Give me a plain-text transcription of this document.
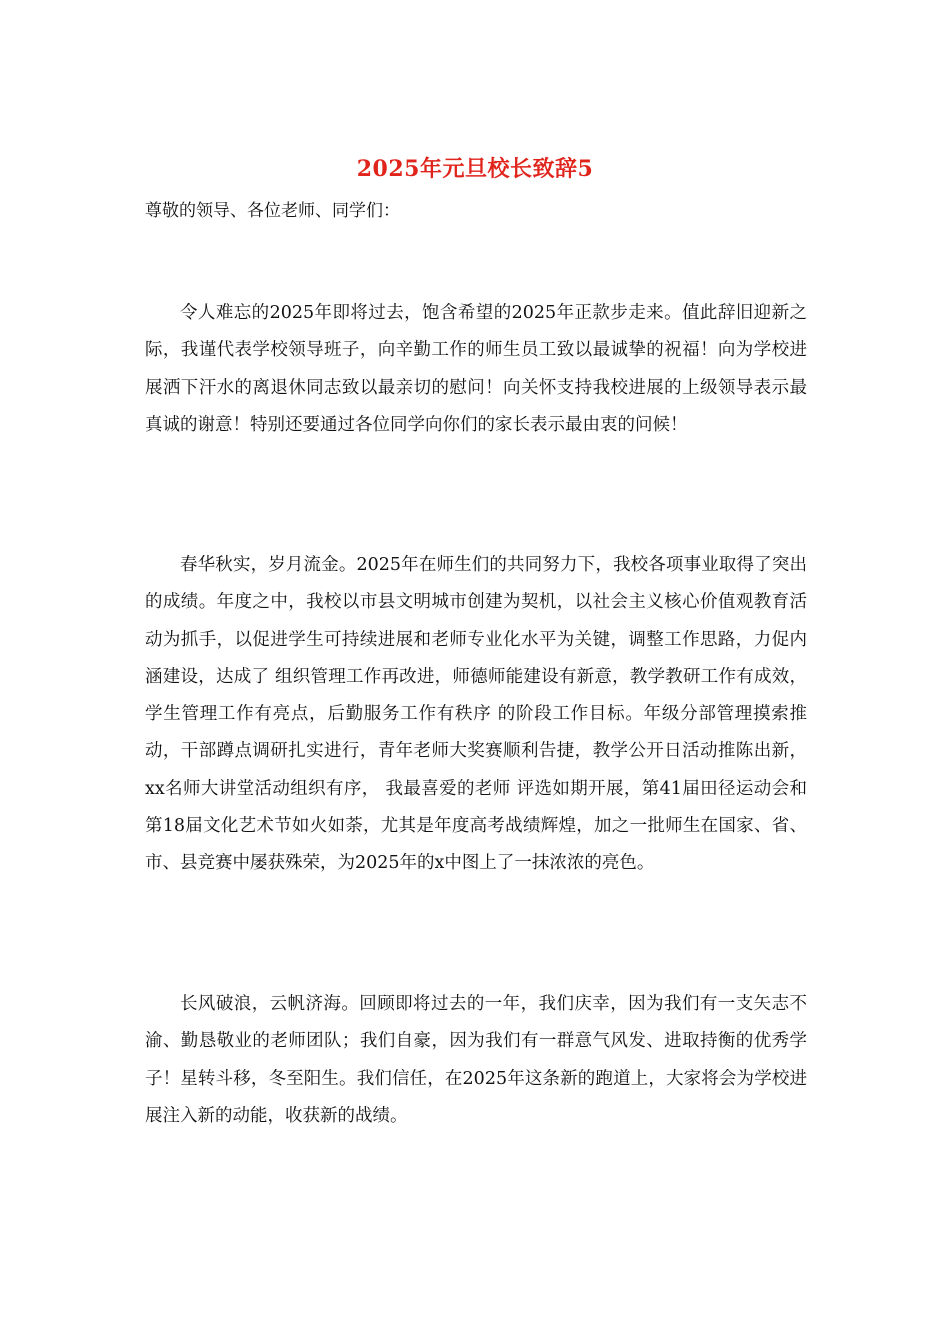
2025年元旦校长致辞5
尊敬的领导、各位老师、同学们：

令人难忘的2025年即将过去，饱含希望的2025年正款步走来。值此辞旧迎新之际，我谨代表学校领导班子，向辛勤工作的师生员工致以最诚挚的祝福！向为学校进展洒下汗水的离退休同志致以最亲切的慰问！向关怀支持我校进展的上级领导表示最真诚的谢意！特别还要通过各位同学向你们的家长表示最由衷的问候！

春华秋实，岁月流金。2025年在师生们的共同努力下，我校各项事业取得了突出的成绩。年度之中，我校以市县文明城市创建为契机，以社会主义核心价值观教育活动为抓手，以促进学生可持续进展和老师专业化水平为关键，调整工作思路，力促内涵建设，达成了 组织管理工作再改进，师德师能建设有新意，教学教研工作有成效，学生管理工作有亮点，后勤服务工作有秩序 的阶段工作目标。年级分部管理摸索推动，干部蹲点调研扎实进行，青年老师大奖赛顺利告捷，教学公开日活动推陈出新，xx名师大讲堂活动组织有序， 我最喜爱的老师 评选如期开展，第41届田径运动会和第18届文化艺术节如火如荼，尤其是年度高考战绩辉煌，加之一批师生在国家、省、市、县竞赛中屡获殊荣，为2025年的x中图上了一抹浓浓的亮色。

长风破浪，云帆济海。回顾即将过去的一年，我们庆幸，因为我们有一支矢志不渝、勤恳敬业的老师团队；我们自豪，因为我们有一群意气风发、进取持衡的优秀学子！星转斗移，冬至阳生。我们信任，在2025年这条新的跑道上，大家将会为学校进展注入新的动能，收获新的战绩。
